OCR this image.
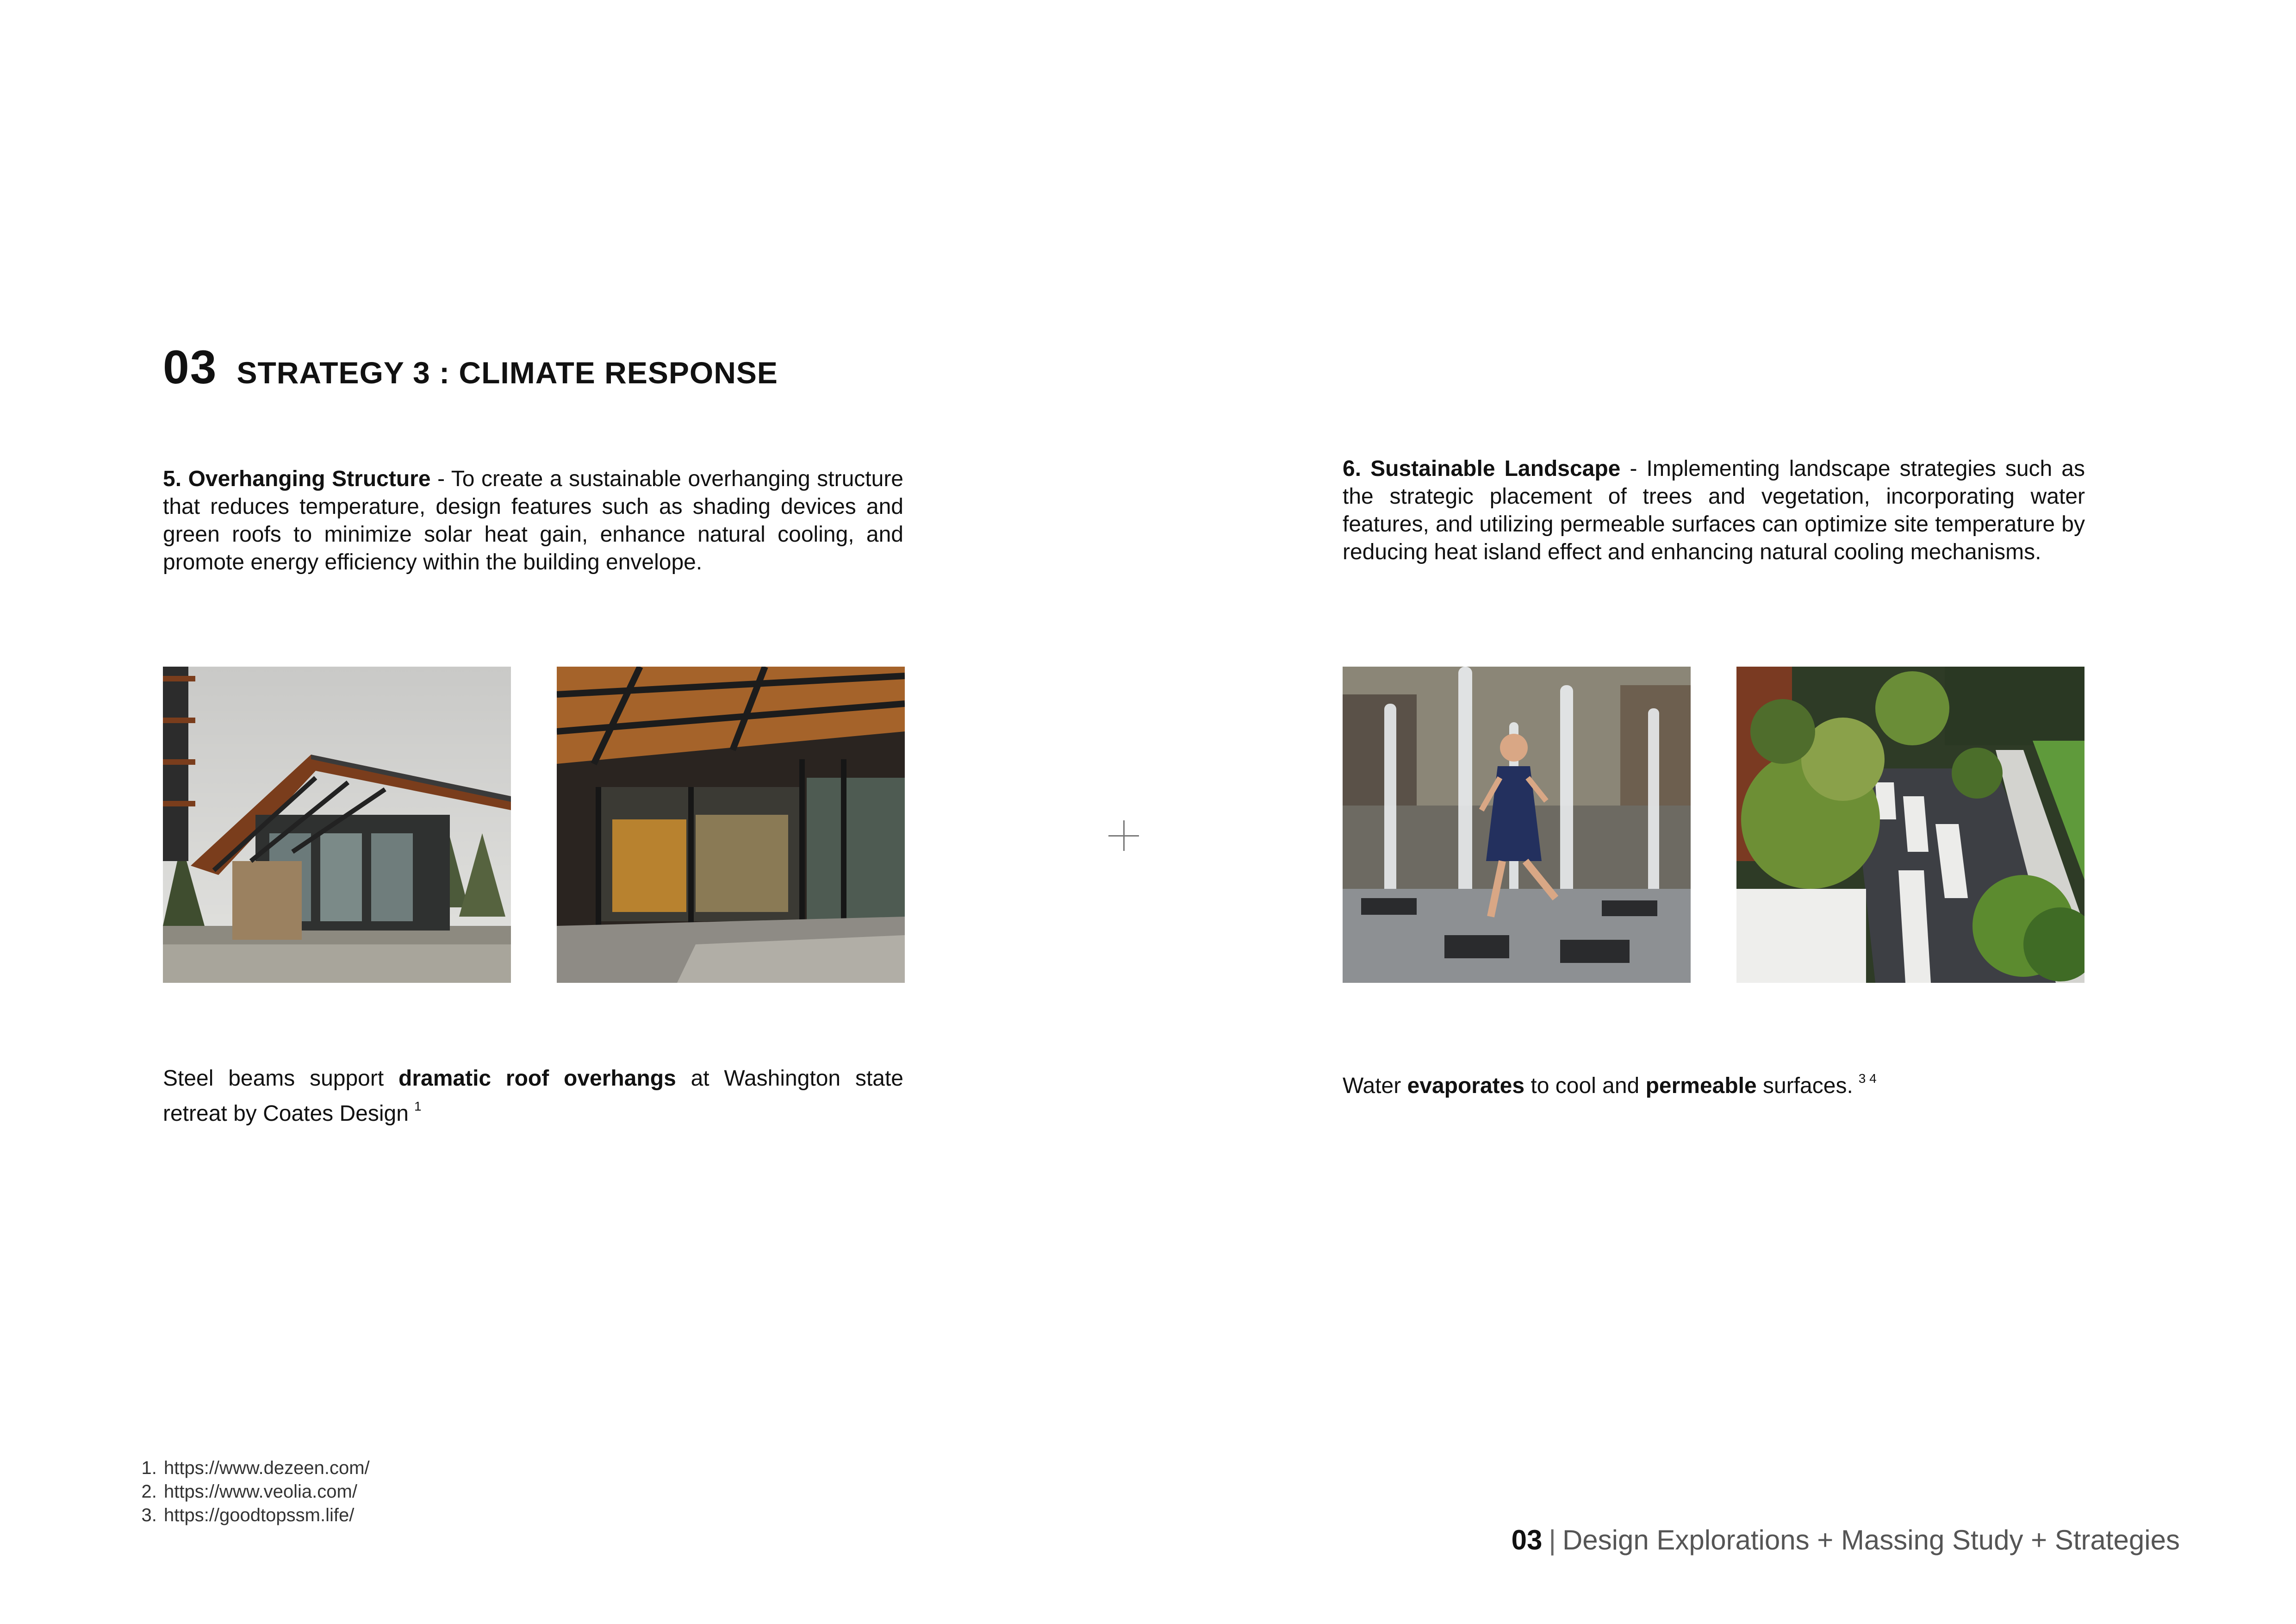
03 STRATEGY 3 : CLIMATE RESPONSE

5. Overhanging Structure - To create a sustainable overhanging structure that reduces temperature, design features such as shading devices and green roofs to minimize solar heat gain, enhance natural cooling, and promote energy efficiency within the building envelope.

6. Sustainable Landscape - Implementing landscape strategies such as the strategic placement of trees and vegetation, incorporating water features, and utilizing permeable surfaces can optimize site temperature by reducing heat island effect and enhancing natural cooling mechanisms.

Steel beams support dramatic roof overhangs at Washington state retreat by Coates Design $^1$

Water evaporates to cool and permeable surfaces. $^{3 4}$

1. https://www.dezeen.com/
2. https://www.veolia.com/
3. https://goodtopssm.life/
03 | Design Explorations + Massing Study + Strategies
